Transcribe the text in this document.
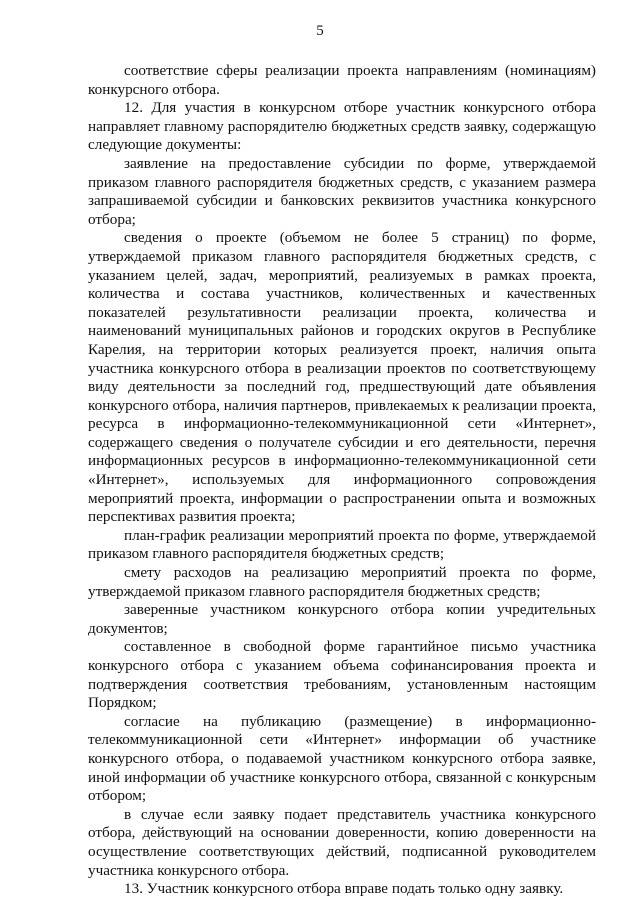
5

соответствие сферы реализации проекта направлениям (номинациям) конкурсного отбора.

12. Для участия в конкурсном отборе участник конкурсного отбора направляет главному распорядителю бюджетных средств заявку, содержащую следующие документы:

заявление на предоставление субсидии по форме, утверждаемой приказом главного распорядителя бюджетных средств, с указанием размера запрашиваемой субсидии и банковских реквизитов участника конкурсного отбора;

сведения о проекте (объемом не более 5 страниц) по форме, утверждаемой приказом главного распорядителя бюджетных средств, с указанием целей, задач, мероприятий, реализуемых в рамках проекта, количества и состава участников, количественных и качественных показателей результативности реализации проекта, количества и наименований муниципальных районов и городских округов в Республике Карелия, на территории которых реализуется проект, наличия опыта участника конкурсного отбора в реализации проектов по соответствующему виду деятельности за последний год, предшествующий дате объявления конкурсного отбора, наличия партнеров, привлекаемых к реализации проекта, ресурса в информационно-телекоммуникационной сети «Интернет», содержащего сведения о получателе субсидии и его деятельности, перечня информационных ресурсов в информационно-телекоммуникационной сети «Интернет», используемых для информационного сопровождения мероприятий проекта, информации о распространении опыта и возможных перспективах развития проекта;

план-график реализации мероприятий проекта по форме, утверждаемой приказом главного распорядителя бюджетных средств;

смету расходов на реализацию мероприятий проекта по форме, утверждаемой приказом главного распорядителя бюджетных средств;

заверенные участником конкурсного отбора копии учредительных документов;

составленное в свободной форме гарантийное письмо участника конкурсного отбора с указанием объема софинансирования проекта и подтверждения соответствия требованиям, установленным настоящим Порядком;

согласие на публикацию (размещение) в информационно-телекоммуникационной сети «Интернет» информации об участнике конкурсного отбора, о подаваемой участником конкурсного отбора заявке, иной информации об участнике конкурсного отбора, связанной с конкурсным отбором;

в случае если заявку подает представитель участника конкурсного отбора, действующий на основании доверенности, копию доверенности на осуществление соответствующих действий, подписанной руководителем участника конкурсного отбора.

13. Участник конкурсного отбора вправе подать только одну заявку.
